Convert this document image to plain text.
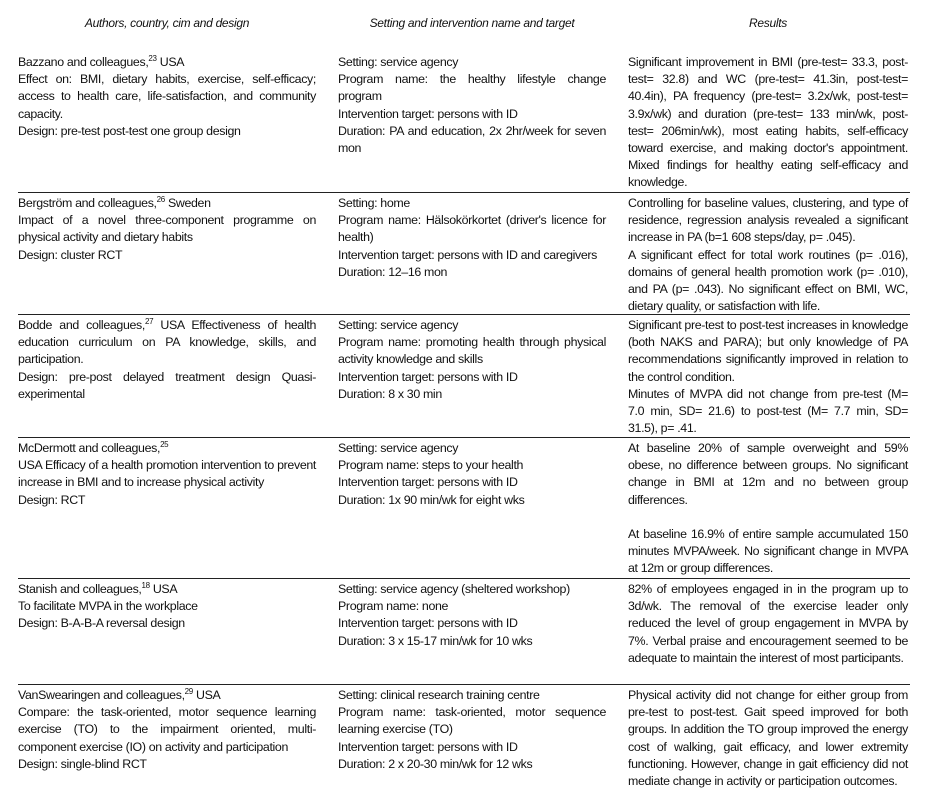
Authors, country, cim and design	Setting and intervention name and target	Results

Bazzano and colleagues,$^{23}$ USA

Effect on: BMI, dietary habits, exercise, self-efficacy; access to health care, life-satisfaction, and community capacity.

Design: pre-test post-test one group design

Setting: service agency

Program name: the healthy lifestyle change program

Intervention target: persons with ID

Duration: PA and education, 2x 2hr/week for seven mon

Significant improvement in BMI (pre-test= 33.3, post-test= 32.8) and WC (pre-test= 41.3in, post-test= 40.4in), PA frequency (pre-test= 3.2x/wk, post-test= 3.9x/wk) and duration (pre-test= 133 min/wk, post-test= 206min/wk), most eating habits, self-efficacy toward exercise, and making doctor's appointment. Mixed findings for healthy eating self-efficacy and knowledge.

Bergström and colleagues,$^{26}$ Sweden

Impact of a novel three-component programme on physical activity and dietary habits

Design: cluster RCT

Setting: home

Program name: Hälsokörkortet (driver's licence for health)

Intervention target: persons with ID and caregivers

Duration: 12–16 mon

Controlling for baseline values, clustering, and type of residence, regression analysis revealed a significant increase in PA (b=1 608 steps/day, p= .045).

A significant effect for total work routines (p= .016), domains of general health promotion work (p= .010), and PA (p= .043). No significant effect on BMI, WC, dietary quality, or satisfaction with life.

Bodde and colleagues,$^{27}$ USA Effectiveness of health education curriculum on PA knowledge, skills, and participation.

Design: pre-post delayed treatment design Quasi-experimental

Setting: service agency

Program name: promoting health through physical activity knowledge and skills

Intervention target: persons with ID

Duration: 8 x 30 min

Significant pre-test to post-test increases in knowledge (both NAKS and PARA); but only knowledge of PA recommendations significantly improved in relation to the control condition.

Minutes of MVPA did not change from pre-test (M= 7.0 min, SD= 21.6) to post-test (M= 7.7 min, SD= 31.5), p= .41.

McDermott and colleagues,$^{25}$

USA Efficacy of a health promotion intervention to prevent increase in BMI and to increase physical activity

Design: RCT

Setting: service agency

Program name: steps to your health

Intervention target: persons with ID

Duration: 1x 90 min/wk for eight wks

At baseline 20% of sample overweight and 59% obese, no difference between groups. No significant change in BMI at 12m and no between group differences.

At baseline 16.9% of entire sample accumulated 150 minutes MVPA/week. No significant change in MVPA at 12m or group differences.

Stanish and colleagues,$^{18}$ USA

To facilitate MVPA in the workplace

Design: B-A-B-A reversal design

Setting: service agency (sheltered workshop)

Program name: none

Intervention target: persons with ID

Duration: 3 x 15-17 min/wk for 10 wks

82% of employees engaged in in the program up to 3d/wk. The removal of the exercise leader only reduced the level of group engagement in MVPA by 7%. Verbal praise and encouragement seemed to be adequate to maintain the interest of most participants.

VanSwearingen and colleagues,$^{29}$ USA

Compare: the task-oriented, motor sequence learning exercise (TO) to the impairment oriented, multi-component exercise (IO) on activity and participation

Design: single-blind RCT

Setting: clinical research training centre

Program name: task-oriented, motor sequence learning exercise (TO)

Intervention target: persons with ID

Duration: 2 x 20-30 min/wk for 12 wks

Physical activity did not change for either group from pre-test to post-test. Gait speed improved for both groups. In addition the TO group improved the energy cost of walking, gait efficacy, and lower extremity functioning. However, change in gait efficiency did not mediate change in activity or participation outcomes.
